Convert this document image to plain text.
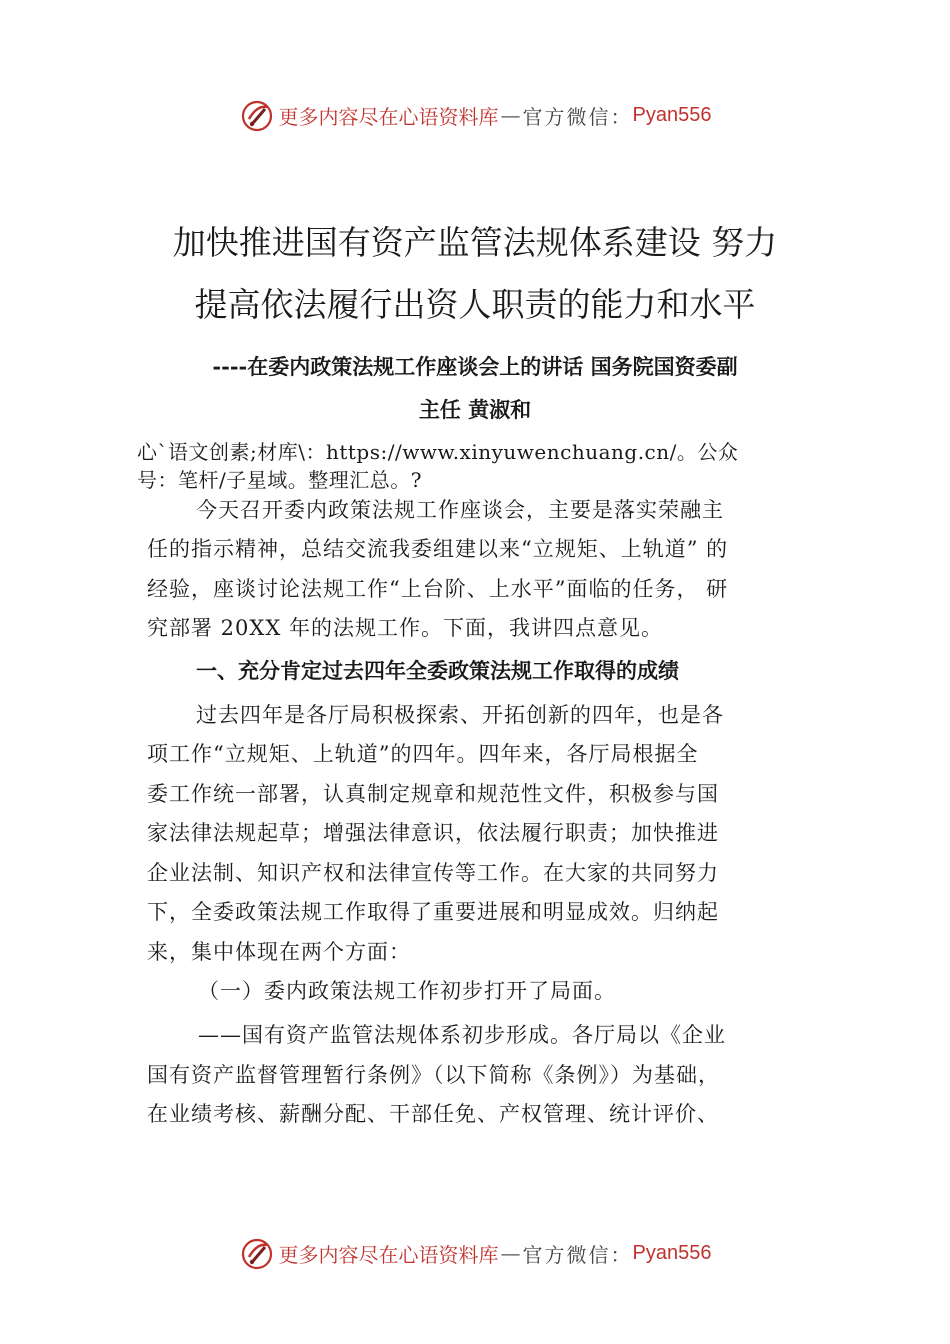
更多内容尽在心语资料库 — 官方微信： Pyan556
加快推进国有资产监管法规体系建设 努力
提高依法履行出资人职责的能力和水平
----在委内政策法规工作座谈会上的讲话 国务院国资委副
主任 黄淑和
心`语文创素;材库\：https://www.xinyuwenchuang.cn/。公众
号：笔杆/子星域。整理汇总。?
今天召开委内政策法规工作座谈会，主要是落实荣融主
任的指示精神，总结交流我委组建以来“立规矩、上轨道” 的
经验，座谈讨论法规工作“上台阶、上水平”面临的任务， 研
究部署 20XX 年的法规工作。下面，我讲四点意见。
一、充分肯定过去四年全委政策法规工作取得的成绩
过去四年是各厅局积极探索、开拓创新的四年，也是各
项工作“立规矩、上轨道”的四年。四年来，各厅局根据全
委工作统一部署，认真制定规章和规范性文件，积极参与国
家法律法规起草；增强法律意识，依法履行职责；加快推进
企业法制、知识产权和法律宣传等工作。在大家的共同努力
下，全委政策法规工作取得了重要进展和明显成效。归纳起
来，集中体现在两个方面：
（一）委内政策法规工作初步打开了局面。
——国有资产监管法规体系初步形成。各厅局以《企业
国有资产监督管理暂行条例》（以下简称《条例》）为基础，
在业绩考核、薪酬分配、干部任免、产权管理、统计评价、
更多内容尽在心语资料库 — 官方微信： Pyan556
